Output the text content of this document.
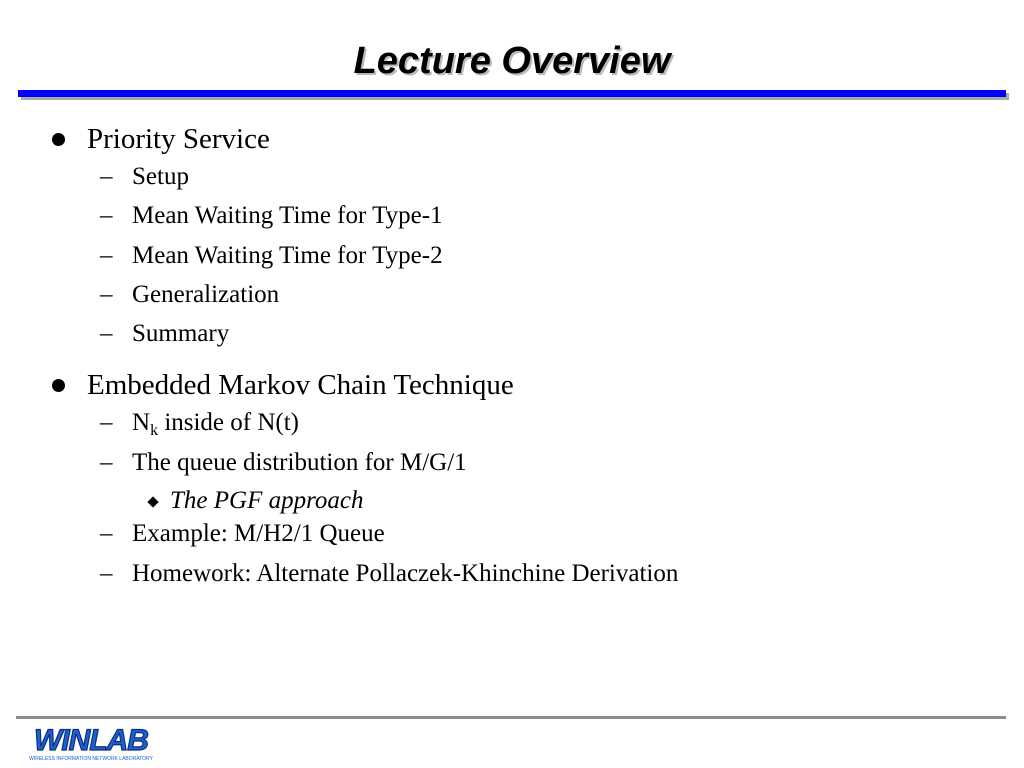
Lecture Overview
Priority Service
– Setup
– Mean Waiting Time for Type-1
– Mean Waiting Time for Type-2
– Generalization
– Summary
Embedded Markov Chain Technique
– $N_k$ inside of N(t)
– The queue distribution for M/G/1
The PGF approach
– Example: M/H2/1 Queue
– Homework: Alternate Pollaczek-Khinchine Derivation
WINLAB
WIRELESS INFORMATION NETWORK LABORATORY
